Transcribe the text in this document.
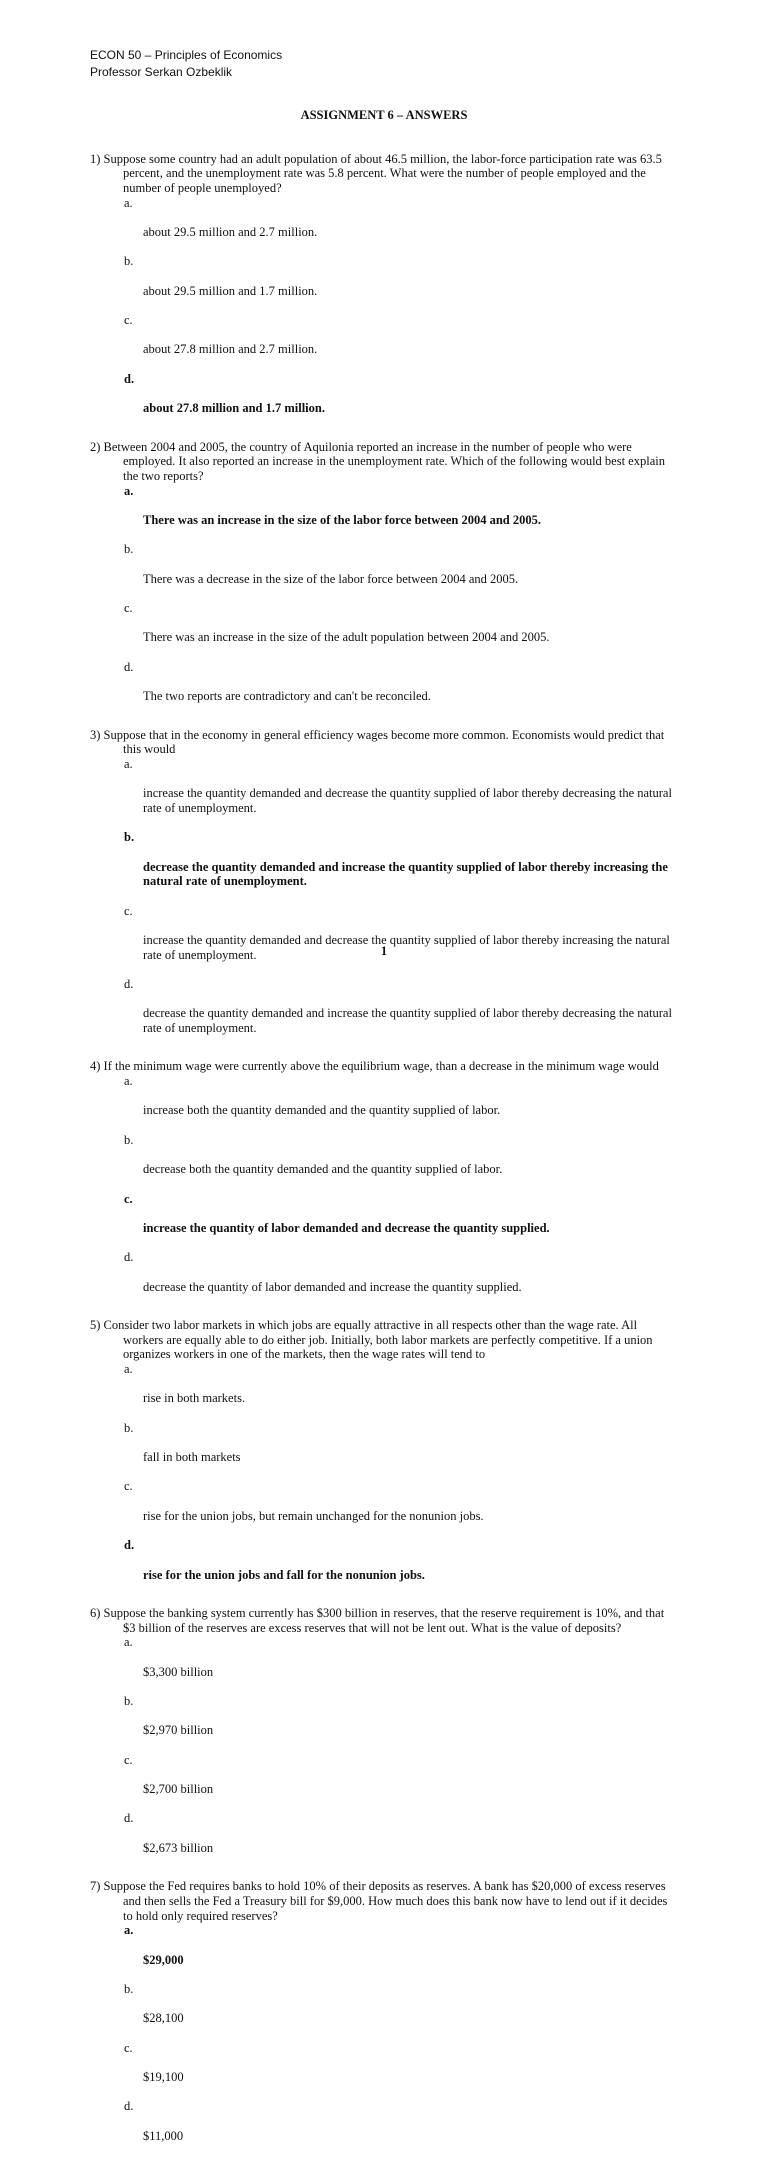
ECON 50 – Principles of Economics
Professor Serkan Ozbeklik
ASSIGNMENT 6 – ANSWERS
1) Suppose some country had an adult population of about 46.5 million, the labor-force participation rate was 63.5
percent, and the unemployment rate was 5.8 percent. What were the number of people employed and the
number of people unemployed?

a.

about 29.5 million and 2.7 million.

b.

about 29.5 million and 1.7 million.

c.

about 27.8 million and 2.7 million.

d.

about 27.8 million and 1.7 million.

2) Between 2004 and 2005, the country of Aquilonia reported an increase in the number of people who were
employed. It also reported an increase in the unemployment rate. Which of the following would best explain
the two reports?

a.

There was an increase in the size of the labor force between 2004 and 2005.

b.

There was a decrease in the size of the labor force between 2004 and 2005.

c.

There was an increase in the size of the adult population between 2004 and 2005.

d.

The two reports are contradictory and can't be reconciled.

3) Suppose that in the economy in general efficiency wages become more common. Economists would predict that
this would

a.

increase the quantity demanded and decrease the quantity supplied of labor thereby decreasing the natural
rate of unemployment.

b.

decrease the quantity demanded and increase the quantity supplied of labor thereby increasing the
natural rate of unemployment.

c.

increase the quantity demanded and decrease the quantity supplied of labor thereby increasing the natural
rate of unemployment.

d.

decrease the quantity demanded and increase the quantity supplied of labor thereby decreasing the natural
rate of unemployment.

4) If the minimum wage were currently above the equilibrium wage, than a decrease in the minimum wage would

a.

increase both the quantity demanded and the quantity supplied of labor.

b.

decrease both the quantity demanded and the quantity supplied of labor.

c.

increase the quantity of labor demanded and decrease the quantity supplied.

d.

decrease the quantity of labor demanded and increase the quantity supplied.

5) Consider two labor markets in which jobs are equally attractive in all respects other than the wage rate. All
workers are equally able to do either job. Initially, both labor markets are perfectly competitive. If a union
organizes workers in one of the markets, then the wage rates will tend to

a.

rise in both markets.

b.

fall in both markets

c.

rise for the union jobs, but remain unchanged for the nonunion jobs.

d.

rise for the union jobs and fall for the nonunion jobs.

6) Suppose the banking system currently has $300 billion in reserves, that the reserve requirement is 10%, and that
$3 billion of the reserves are excess reserves that will not be lent out. What is the value of deposits?

a.

$3,300 billion

b.

$2,970 billion

c.

$2,700 billion

d.

$2,673 billion

7) Suppose the Fed requires banks to hold 10% of their deposits as reserves. A bank has $20,000 of excess reserves
and then sells the Fed a Treasury bill for $9,000. How much does this bank now have to lend out if it decides
to hold only required reserves?

a.

$29,000

b.

$28,100

c.

$19,100

d.

$11,000

1
